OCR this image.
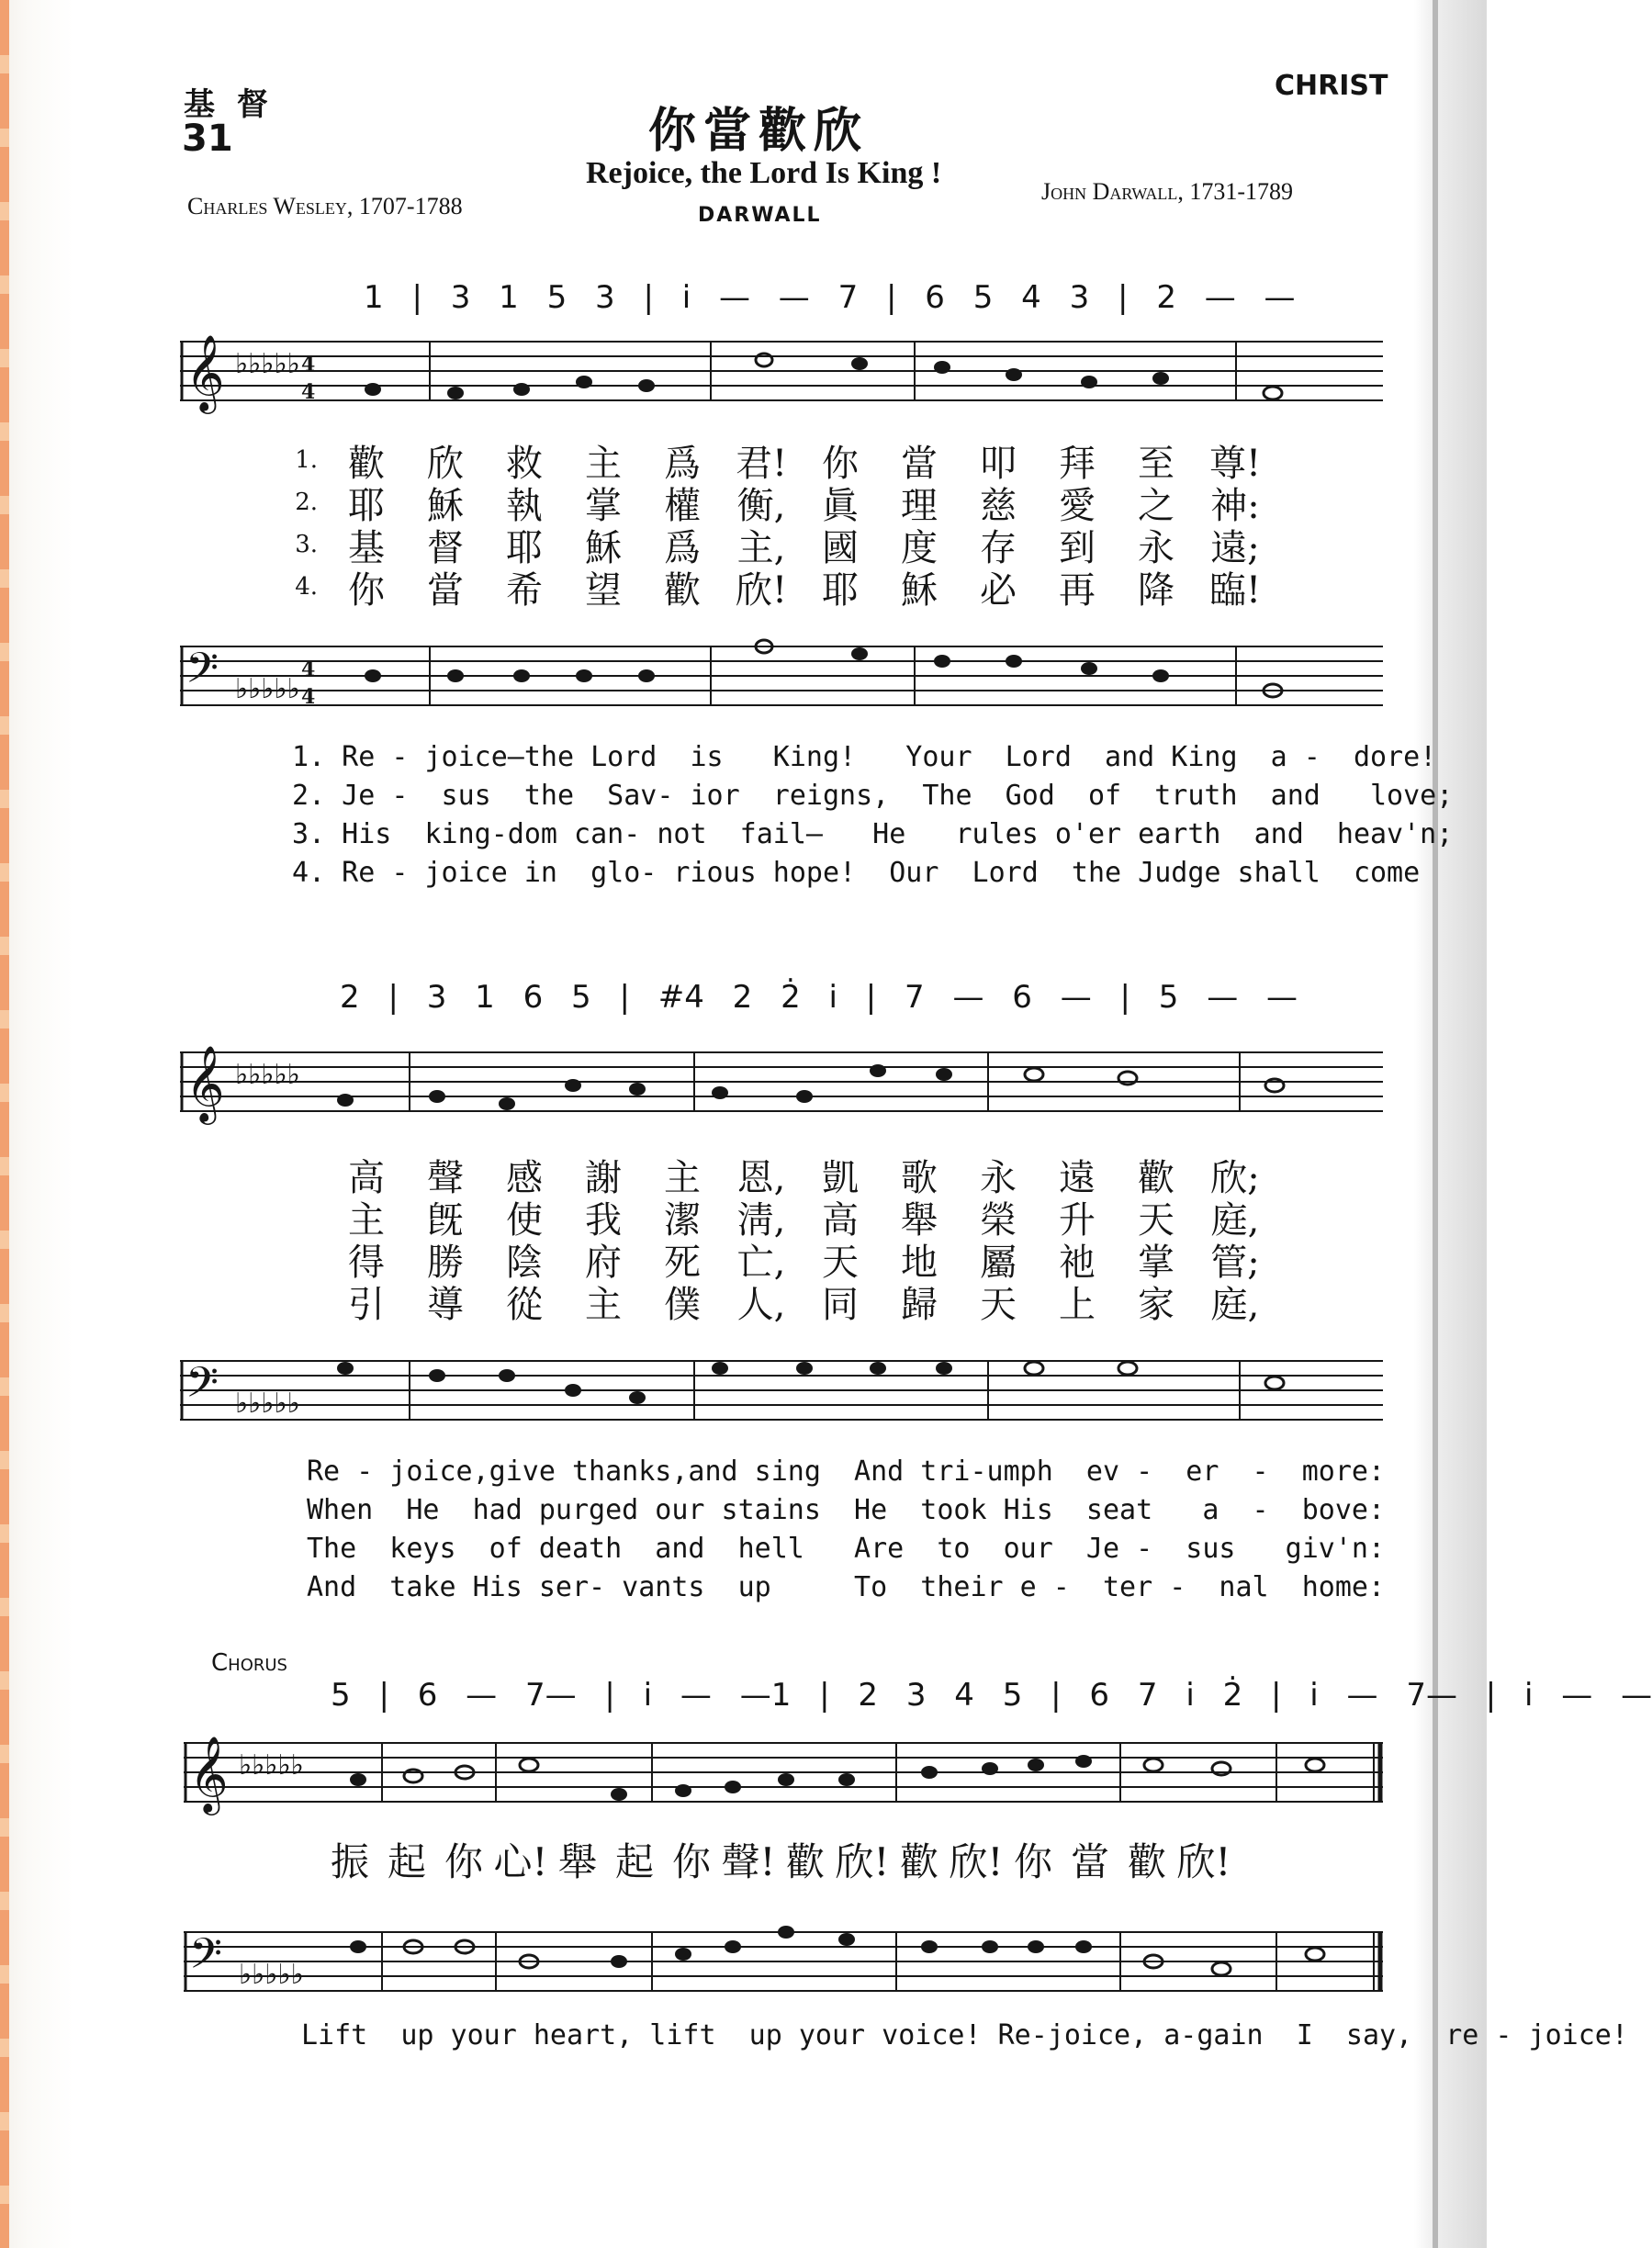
基 督
31
CHRIST
你當歡欣
Rejoice, the Lord Is King !
DARWALL
Charles Wesley, 1707-1788
John Darwall, 1731-1789
1 | 3 1 5 3 | i̇ — — 7 | 6 5 4 3 | 2 — —
𝄞 ♭♭♭♭♭ 4
4
1. 歡	欣	救	主	爲 君! 你	當	叩	拜	至 尊!
2. 耶	穌	執	掌	權 衡, 眞	理	慈	愛	之 神:
3. 基	督	耶	穌	爲 主, 國	度	存	到	永 遠;
4. 你	當	希	望	歡 欣! 耶	穌	必	再	降 臨!
𝄢 ♭♭♭♭♭
4
4
1. Re - joice—the Lord  is   King!   Your  Lord  and King  a -  dore!
2. Je -  sus  the  Sav- ior  reigns,  The  God  of  truth  and   love;
3. His  king-dom can- not  fail—   He   rules o'er earth  and  heav'n;
4. Re - joice in  glo- rious hope!  Our  Lord  the Judge shall  come
2 | 3 1 6 5 | #4 2 2̇ i̇ | 7 — 6 — | 5 — —
𝄞 ♭♭♭♭♭
高	聲	感	謝	主 恩, 凱	歌	永	遠	歡 欣;
主	旣	使	我	潔 淸, 高	舉	榮	升	天 庭,
得	勝	陰	府	死 亡, 天	地	屬	祂	掌 管;
引	導	從	主	僕 人, 同	歸	天	上	家 庭,
𝄢 ♭♭♭♭♭
Re - joice,give thanks,and sing  And tri-umph  ev -  er  -  more:
When  He  had purged our stains  He  took His  seat   a  -  bove:
The  keys  of death  and  hell   Are  to  our  Je -  sus   giv'n:
And  take His ser- vants  up     To  their e -  ter -  nal  home:
Chorus
5 | 6 — 7— | i̇ — —1 | 2 3 4 5 | 6 7 i̇ 2̇ | i̇ — 7— | i̇ — —
𝄞 ♭♭♭♭♭
振 起 你 心! 舉 起 你 聲! 歡 欣! 歡 欣! 你 當 歡 欣!
𝄢 ♭♭♭♭♭
Lift  up your heart, lift  up your voice! Re-joice, a-gain  I  say,  re - joice!
